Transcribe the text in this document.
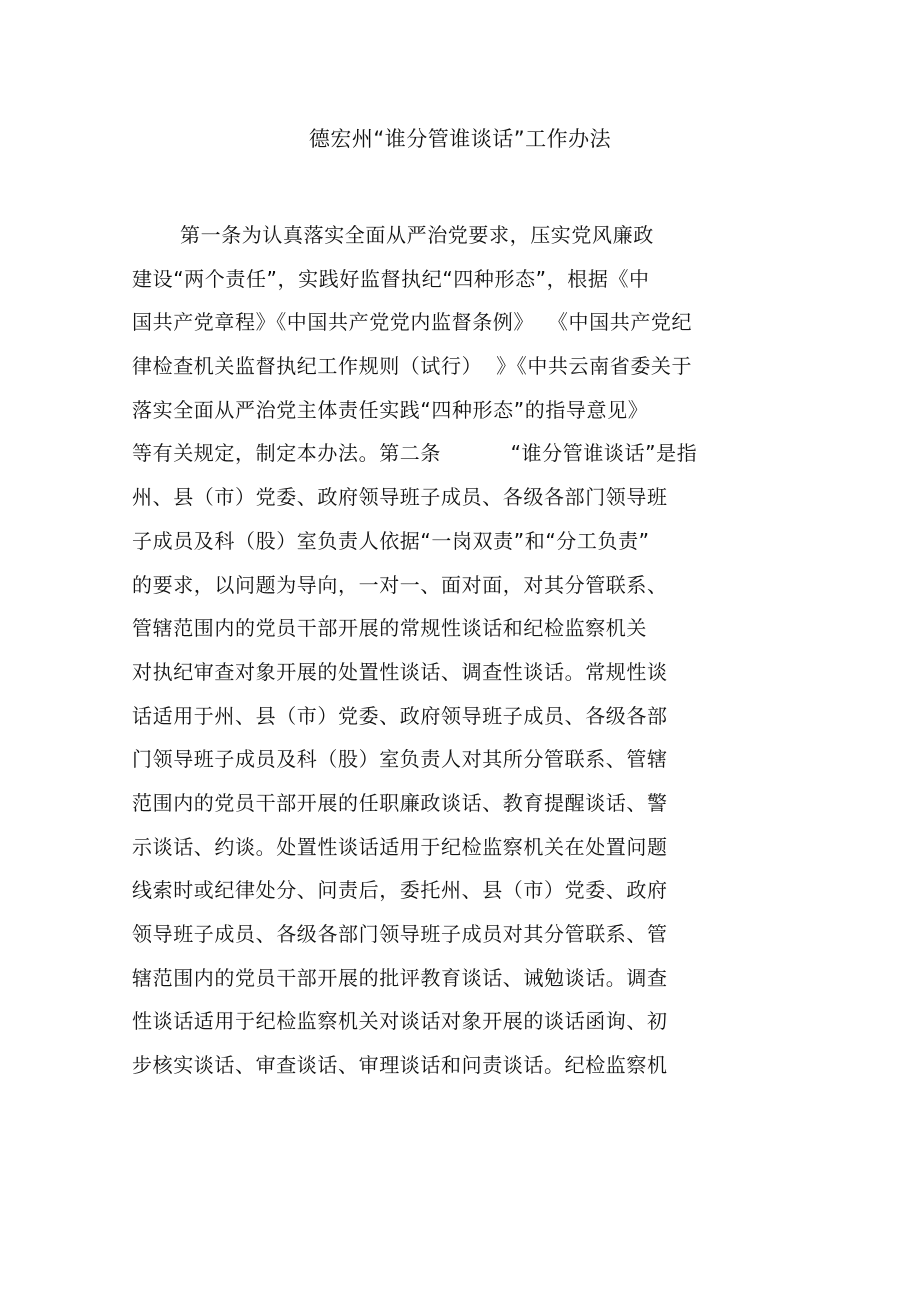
德宏州“谁分管谁谈话”工作办法
第一条为认真落实全面从严治党要求，压实党风廉政
建设“两个责任”，实践好监督执纪“四种形态”，根据《中
国共产党章程》《中国共产党党内监督条例》  《中国共产党纪
律检查机关监督执纪工作规则（试行）  》《中共云南省委关于
落实全面从严治党主体责任实践“四种形态”的指导意见》
等有关规定，制定本办法。第二条          “谁分管谁谈话”是指
州、县（市）党委、政府领导班子成员、各级各部门领导班
子成员及科（股）室负责人依据“一岗双责”和“分工负责”
的要求，以问题为导向，一对一、面对面，对其分管联系、
管辖范围内的党员干部开展的常规性谈话和纪检监察机关
对执纪审查对象开展的处置性谈话、调查性谈话。常规性谈
话适用于州、县（市）党委、政府领导班子成员、各级各部
门领导班子成员及科（股）室负责人对其所分管联系、管辖
范围内的党员干部开展的任职廉政谈话、教育提醒谈话、警
示谈话、约谈。处置性谈话适用于纪检监察机关在处置问题
线索时或纪律处分、问责后，委托州、县（市）党委、政府
领导班子成员、各级各部门领导班子成员对其分管联系、管
辖范围内的党员干部开展的批评教育谈话、诫勉谈话。调查
性谈话适用于纪检监察机关对谈话对象开展的谈话函询、初
步核实谈话、审查谈话、审理谈话和问责谈话。纪检监察机
